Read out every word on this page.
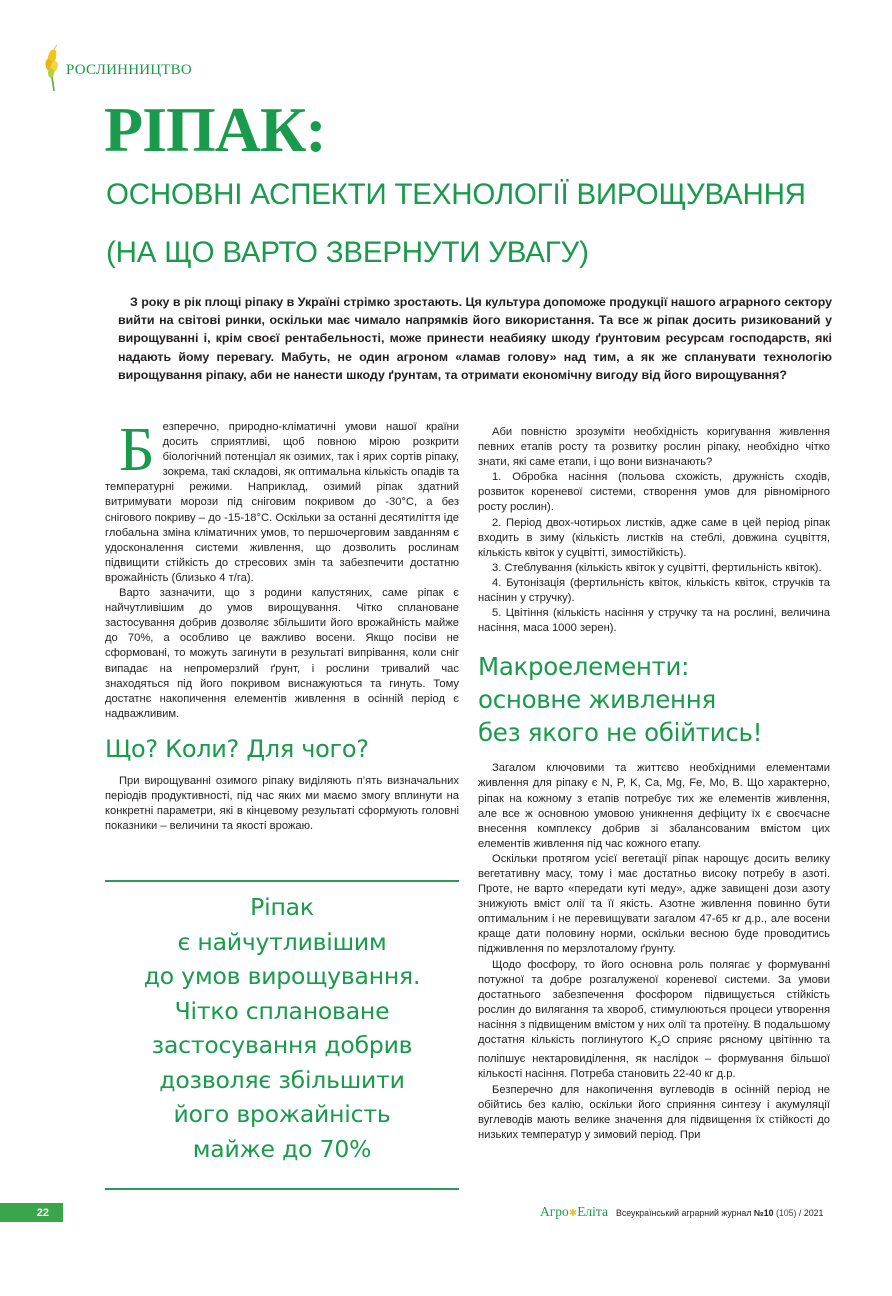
РОСЛИННИЦТВО
РІПАК:
ОСНОВНІ АСПЕКТИ ТЕХНОЛОГІЇ ВИРОЩУВАННЯ
(НА ЩО ВАРТО ЗВЕРНУТИ УВАГУ)

З року в рік площі ріпаку в Україні стрімко зростають. Ця культура допоможе продукції нашого аграрного сектору вийти на світові ринки, оскільки має чимало напрямків його використання. Та все ж ріпак досить ризикований у вирощуванні і, крім своєї рентабельності, може принести неабияку шкоду ґрунтовим ресурсам господарств, які надають йому перевагу. Мабуть, не один агроном «ламав голову» над тим, а як же спланувати технологію вирощування ріпаку, аби не нанести шкоду ґрунтам, та отримати економічну вигоду від його вирощування?

Б езперечно, природно-кліматичні умови нашої країни досить сприятливі, щоб повною мірою розкрити біологічний потенціал як озимих, так і ярих сортів ріпаку, зокрема, такі складові, як оптимальна кількість опадів та температурні режими. Наприклад, озимий ріпак здатний витримувати морози під сніговим покривом до -30°С, а без снігового покриву – до -15-18°С. Оскільки за останні десятиліття іде глобальна зміна кліматичних умов, то першочерговим завданням є удосконалення системи живлення, що дозволить рослинам підвищити стійкість до стресових змін та забезпечити достатню врожайність (близько 4 т/га).

Варто зазначити, що з родини капустяних, саме ріпак є найчутливішим до умов вирощування. Чітко сплановане застосування добрив дозволяє збільшити його врожайність майже до 70%, а особливо це важливо восени. Якщо посіви не сформовані, то можуть загинути в результаті випрівання, коли сніг випадає на непромерзлий ґрунт, і рослини тривалий час знаходяться під його покривом виснажуються та гинуть. Тому достатнє накопичення елементів живлення в осінній період є надважливим.

Що? Коли? Для чого?

При вирощуванні озимого ріпаку виділяють п’ять визначальних періодів продуктивності, під час яких ми маємо змогу вплинути на конкретні параметри, які в кінцевому результаті сформують головні показники – величини та якості врожаю.

Ріпак
є найчутливішим
до умов вирощування.
Чітко сплановане
застосування добрив
дозволяє збільшити
його врожайність
майже до 70%

Аби повністю зрозуміти необхідність коригування живлення певних етапів росту та розвитку рослин ріпаку, необхідно чітко знати, які саме етапи, і що вони визначають?

1. Обробка насіння (польова схожість, дружність сходів, розвиток кореневої системи, створення умов для рівномірного росту рослин).

2. Період двох-чотирьох листків, адже саме в цей період ріпак входить в зиму (кількість листків на стеблі, довжина суцвіття, кількість квіток у суцвітті, зимостійкість).

3. Стеблування (кількість квіток у суцвітті, фертильність квіток).

4. Бутонізація (фертильність квіток, кількість квіток, стручків та насінин у стручку).

5. Цвітіння (кількість насіння у стручку та на рослині, величина насіння, маса 1000 зерен).

Макроелементи:
основне живлення
без якого не обійтись!

Загалом ключовими та життєво необхідними елементами живлення для ріпаку є N, P, K, Ca, Mg, Fe, Mo, B. Що характерно, ріпак на кожному з етапів потребує тих же елементів живлення, але все ж основною умовою уникнення дефіциту їх є своєчасне внесення комплексу добрив зі збалансованим вмістом цих елементів живлення під час кожного етапу.

Оскільки протягом усієї вегетації ріпак нарощує досить велику вегетативну масу, тому і має достатньо високу потребу в азоті. Проте, не варто «передати куті меду», адже завищені дози азоту знижують вміст олії та її якість. Азотне живлення повинно бути оптимальним і не перевищувати загалом 47-65 кг д.р., але восени краще дати половину норми, оскільки весною буде проводитись підживлення по мерзлоталому ґрунту.

Щодо фосфору, то його основна роль полягає у формуванні потужної та добре розгалуженої кореневої системи. За умови достатнього забезпечення фосфором підвищується стійкість рослин до вилягання та хвороб, стимулюються процеси утворення насіння з підвищеним вмістом у них олії та протеїну. В подальшому достатня кількість поглинутого $K_2O$ сприяє рясному цвітінню та поліпшує нектаровиділення, як наслідок – формування більшої кількості насіння. Потреба становить 22-40 кг д.р.

Безперечно для накопичення вуглеводів в осінній період не обійтись без калію, оскільки його сприяння синтезу і акумуляції вуглеводів мають велике значення для підвищення їх стійкості до низьких температур у зимовий період. При

22	Агро✱Еліта Всеукраїнський аграрний журнал №10 (105) / 2021
